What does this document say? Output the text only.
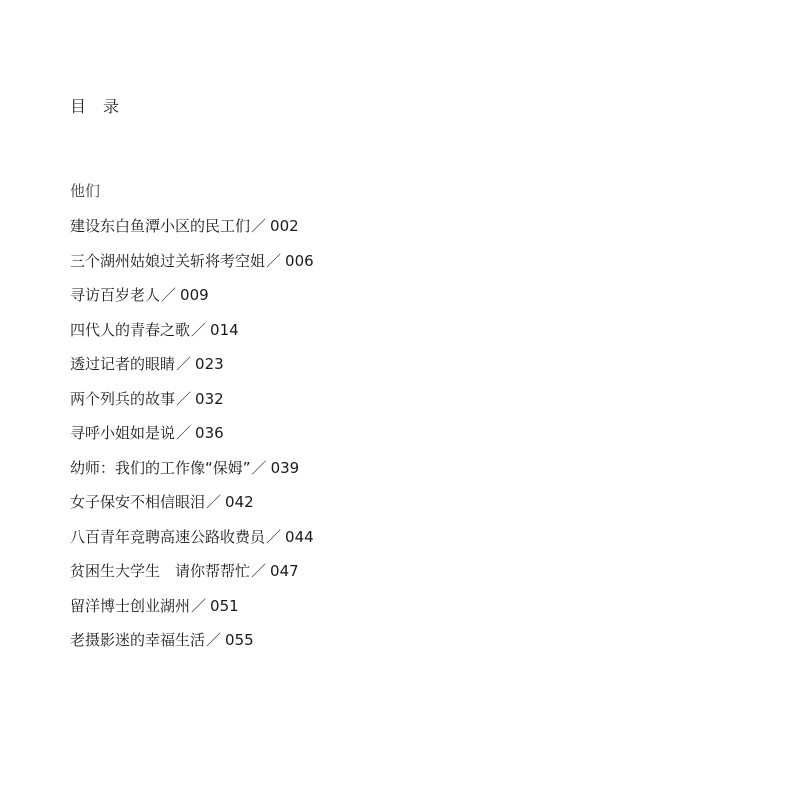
目　录
他们
建设东白鱼潭小区的民工们／ 002
三个湖州姑娘过关斩将考空姐／ 006
寻访百岁老人／ 009
四代人的青春之歌／ 014
透过记者的眼睛／ 023
两个列兵的故事／ 032
寻呼小姐如是说／ 036
幼师：我们的工作像“保姆”／ 039
女子保安不相信眼泪／ 042
八百青年竞聘高速公路收费员／ 044
贫困生大学生　请你帮帮忙／ 047
留洋博士创业湖州／ 051
老摄影迷的幸福生活／ 055
